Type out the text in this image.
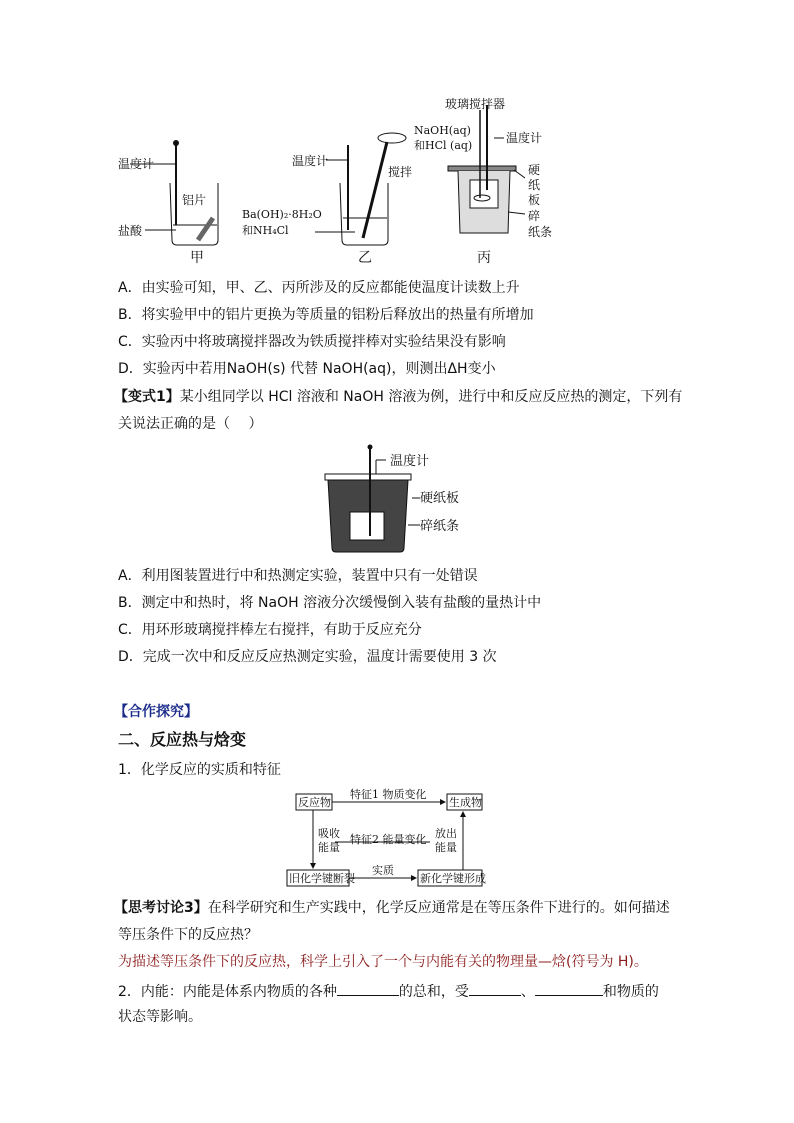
温度计
铝片
盐酸
甲
温度计
搅拌
Ba(OH)₂·8H₂O
和NH₄Cl
乙
玻璃搅拌器
NaOH(aq)
和HCl (aq)
温度计
硬
纸
板
碎
纸条
丙
A．由实验可知，甲、乙、丙所涉及的反应都能使温度计读数上升
B．将实验甲中的铝片更换为等质量的铝粉后释放出的热量有所增加
C．实验丙中将玻璃搅拌器改为铁质搅拌棒对实验结果没有影响
D．实验丙中若用NaOH(s) 代替 NaOH(aq)，则测出ΔH变小
【变式1】某小组同学以 HCl 溶液和 NaOH 溶液为例，进行中和反应反应热的测定，下列有
关说法正确的是（　 ）
温度计
硬纸板
碎纸条
A．利用图装置进行中和热测定实验，装置中只有一处错误
B．测定中和热时，将 NaOH 溶液分次缓慢倒入装有盐酸的量热计中
C．用环形玻璃搅拌棒左右搅拌，有助于反应充分
D．完成一次中和反应反应热测定实验，温度计需要使用 3 次
【合作探究】
二、反应热与焓变
1．化学反应的实质和特征
反应物	生成物
特征1 物质变化
吸收
能量
特征2 能量变化 放出
能量
旧化学键断裂
实质
新化学键形成
【思考讨论3】在科学研究和生产实践中，化学反应通常是在等压条件下进行的。如何描述
等压条件下的反应热？
为描述等压条件下的反应热，科学上引入了一个与内能有关的物理量—焓(符号为 H)。
2．内能：内能是体系内物质的各种	的总和，受	、	和物质的
状态等影响。
